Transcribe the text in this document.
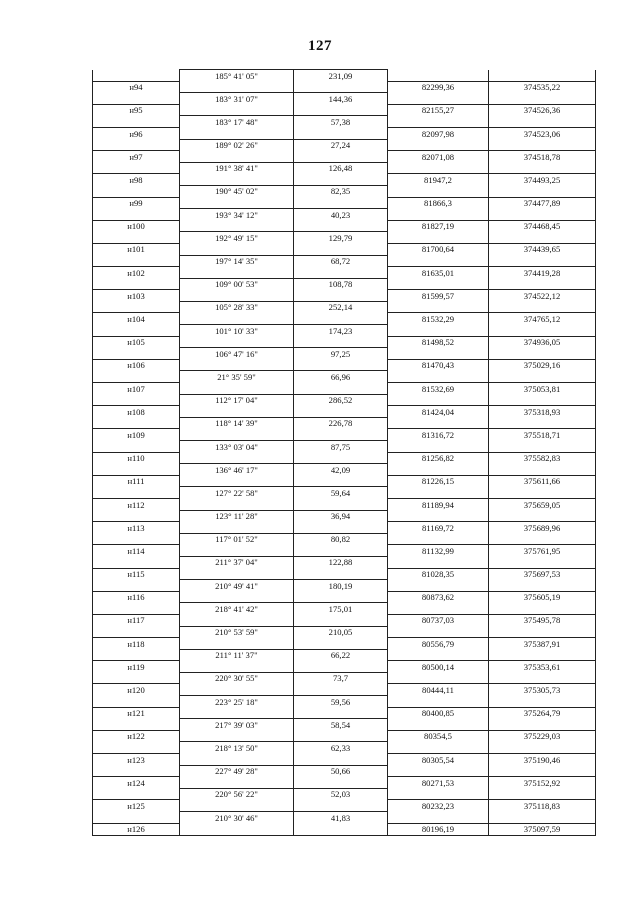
127
	185° 41' 05"	231,09		
н94			82299,36	374535,22
	183° 31' 07"	144,36		
н95			82155,27	374526,36
	183° 17' 48"	57,38		
н96			82097,98	374523,06
	189° 02' 26"	27,24		
н97			82071,08	374518,78
	191° 38' 41"	126,48		
н98			81947,2	374493,25
	190° 45' 02"	82,35		
н99			81866,3	374477,89
	193° 34' 12"	40,23		
н100			81827,19	374468,45
	192° 49' 15"	129,79		
н101			81700,64	374439,65
	197° 14' 35"	68,72		
н102			81635,01	374419,28
	109° 00' 53"	108,78		
н103			81599,57	374522,12
	105° 28' 33"	252,14		
н104			81532,29	374765,12
	101° 10' 33"	174,23		
н105			81498,52	374936,05
	106° 47' 16"	97,25		
н106			81470,43	375029,16
	21° 35' 59"	66,96		
н107			81532,69	375053,81
	112° 17' 04"	286,52		
н108			81424,04	375318,93
	118° 14' 39"	226,78		
н109			81316,72	375518,71
	133° 03' 04"	87,75		
н110			81256,82	375582,83
	136° 46' 17"	42,09		
н111			81226,15	375611,66
	127° 22' 58"	59,64		
н112			81189,94	375659,05
	123° 11' 28"	36,94		
н113			81169,72	375689,96
	117° 01' 52"	80,82		
н114			81132,99	375761,95
	211° 37' 04"	122,88		
н115			81028,35	375697,53
	210° 49' 41"	180,19		
н116			80873,62	375605,19
	218° 41' 42"	175,01		
н117			80737,03	375495,78
	210° 53' 59"	210,05		
н118			80556,79	375387,91
	211° 11' 37"	66,22		
н119			80500,14	375353,61
	220° 30' 55"	73,7		
н120			80444,11	375305,73
	223° 25' 18"	59,56		
н121			80400,85	375264,79
	217° 39' 03"	58,54		
н122			80354,5	375229,03
	218° 13' 50"	62,33		
н123			80305,54	375190,46
	227° 49' 28"	50,66		
н124			80271,53	375152,92
	220° 56' 22"	52,03		
н125			80232,23	375118,83
	210° 30' 46"	41,83		
н126			80196,19	375097,59
